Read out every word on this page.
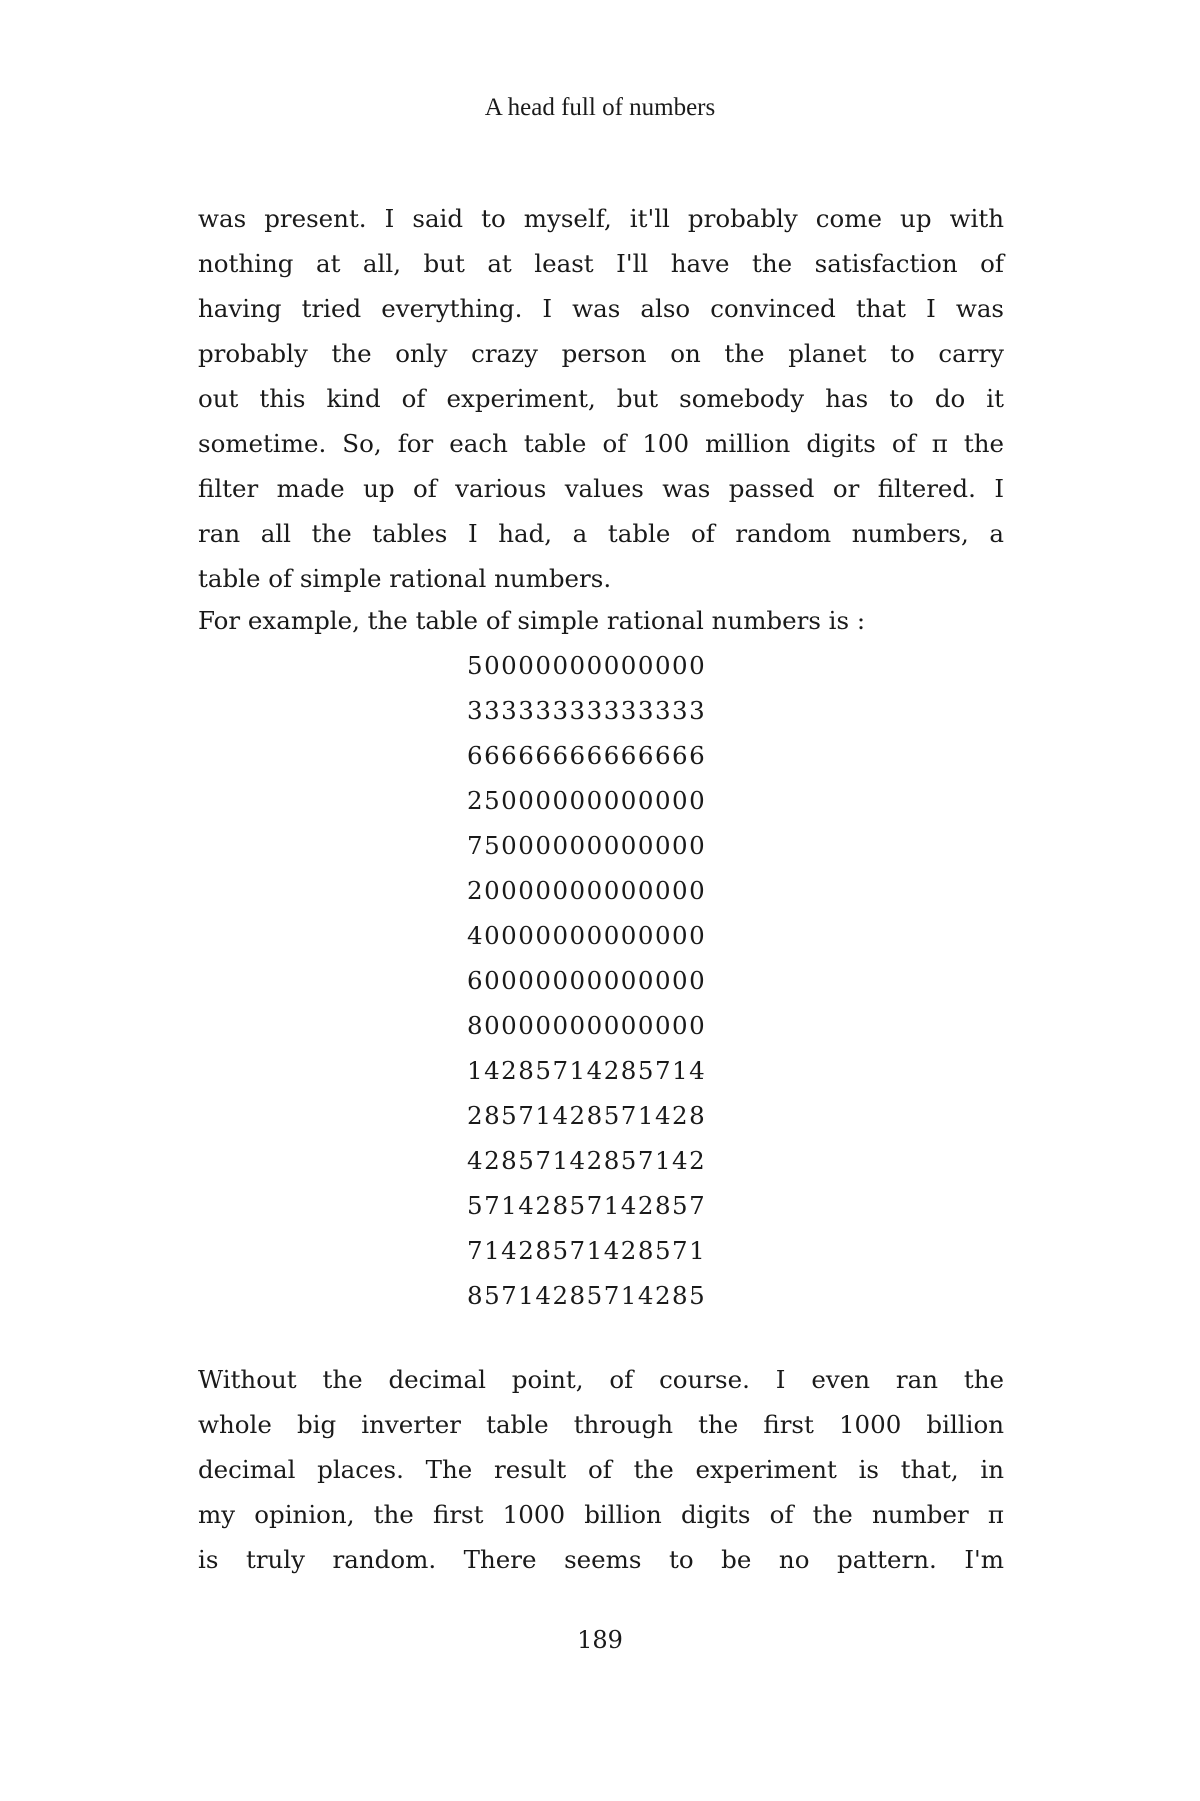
A head full of numbers
was present. I said to myself, it'll probably come up with
nothing at all, but at least I'll have the satisfaction of
having tried everything. I was also convinced that I was
probably the only crazy person on the planet to carry
out this kind of experiment, but somebody has to do it
sometime. So, for each table of 100 million digits of π the
filter made up of various values was passed or filtered. I
ran all the tables I had, a table of random numbers, a
table of simple rational numbers.
For example, the table of simple rational numbers is :
50000000000000
33333333333333
66666666666666
25000000000000
75000000000000
20000000000000
40000000000000
60000000000000
80000000000000
14285714285714
28571428571428
42857142857142
57142857142857
71428571428571
85714285714285
Without the decimal point, of course. I even ran the
whole big inverter table through the first 1000 billion
decimal places. The result of the experiment is that, in
my opinion, the first 1000 billion digits of the number π
is truly random. There seems to be no pattern. I'm
189
